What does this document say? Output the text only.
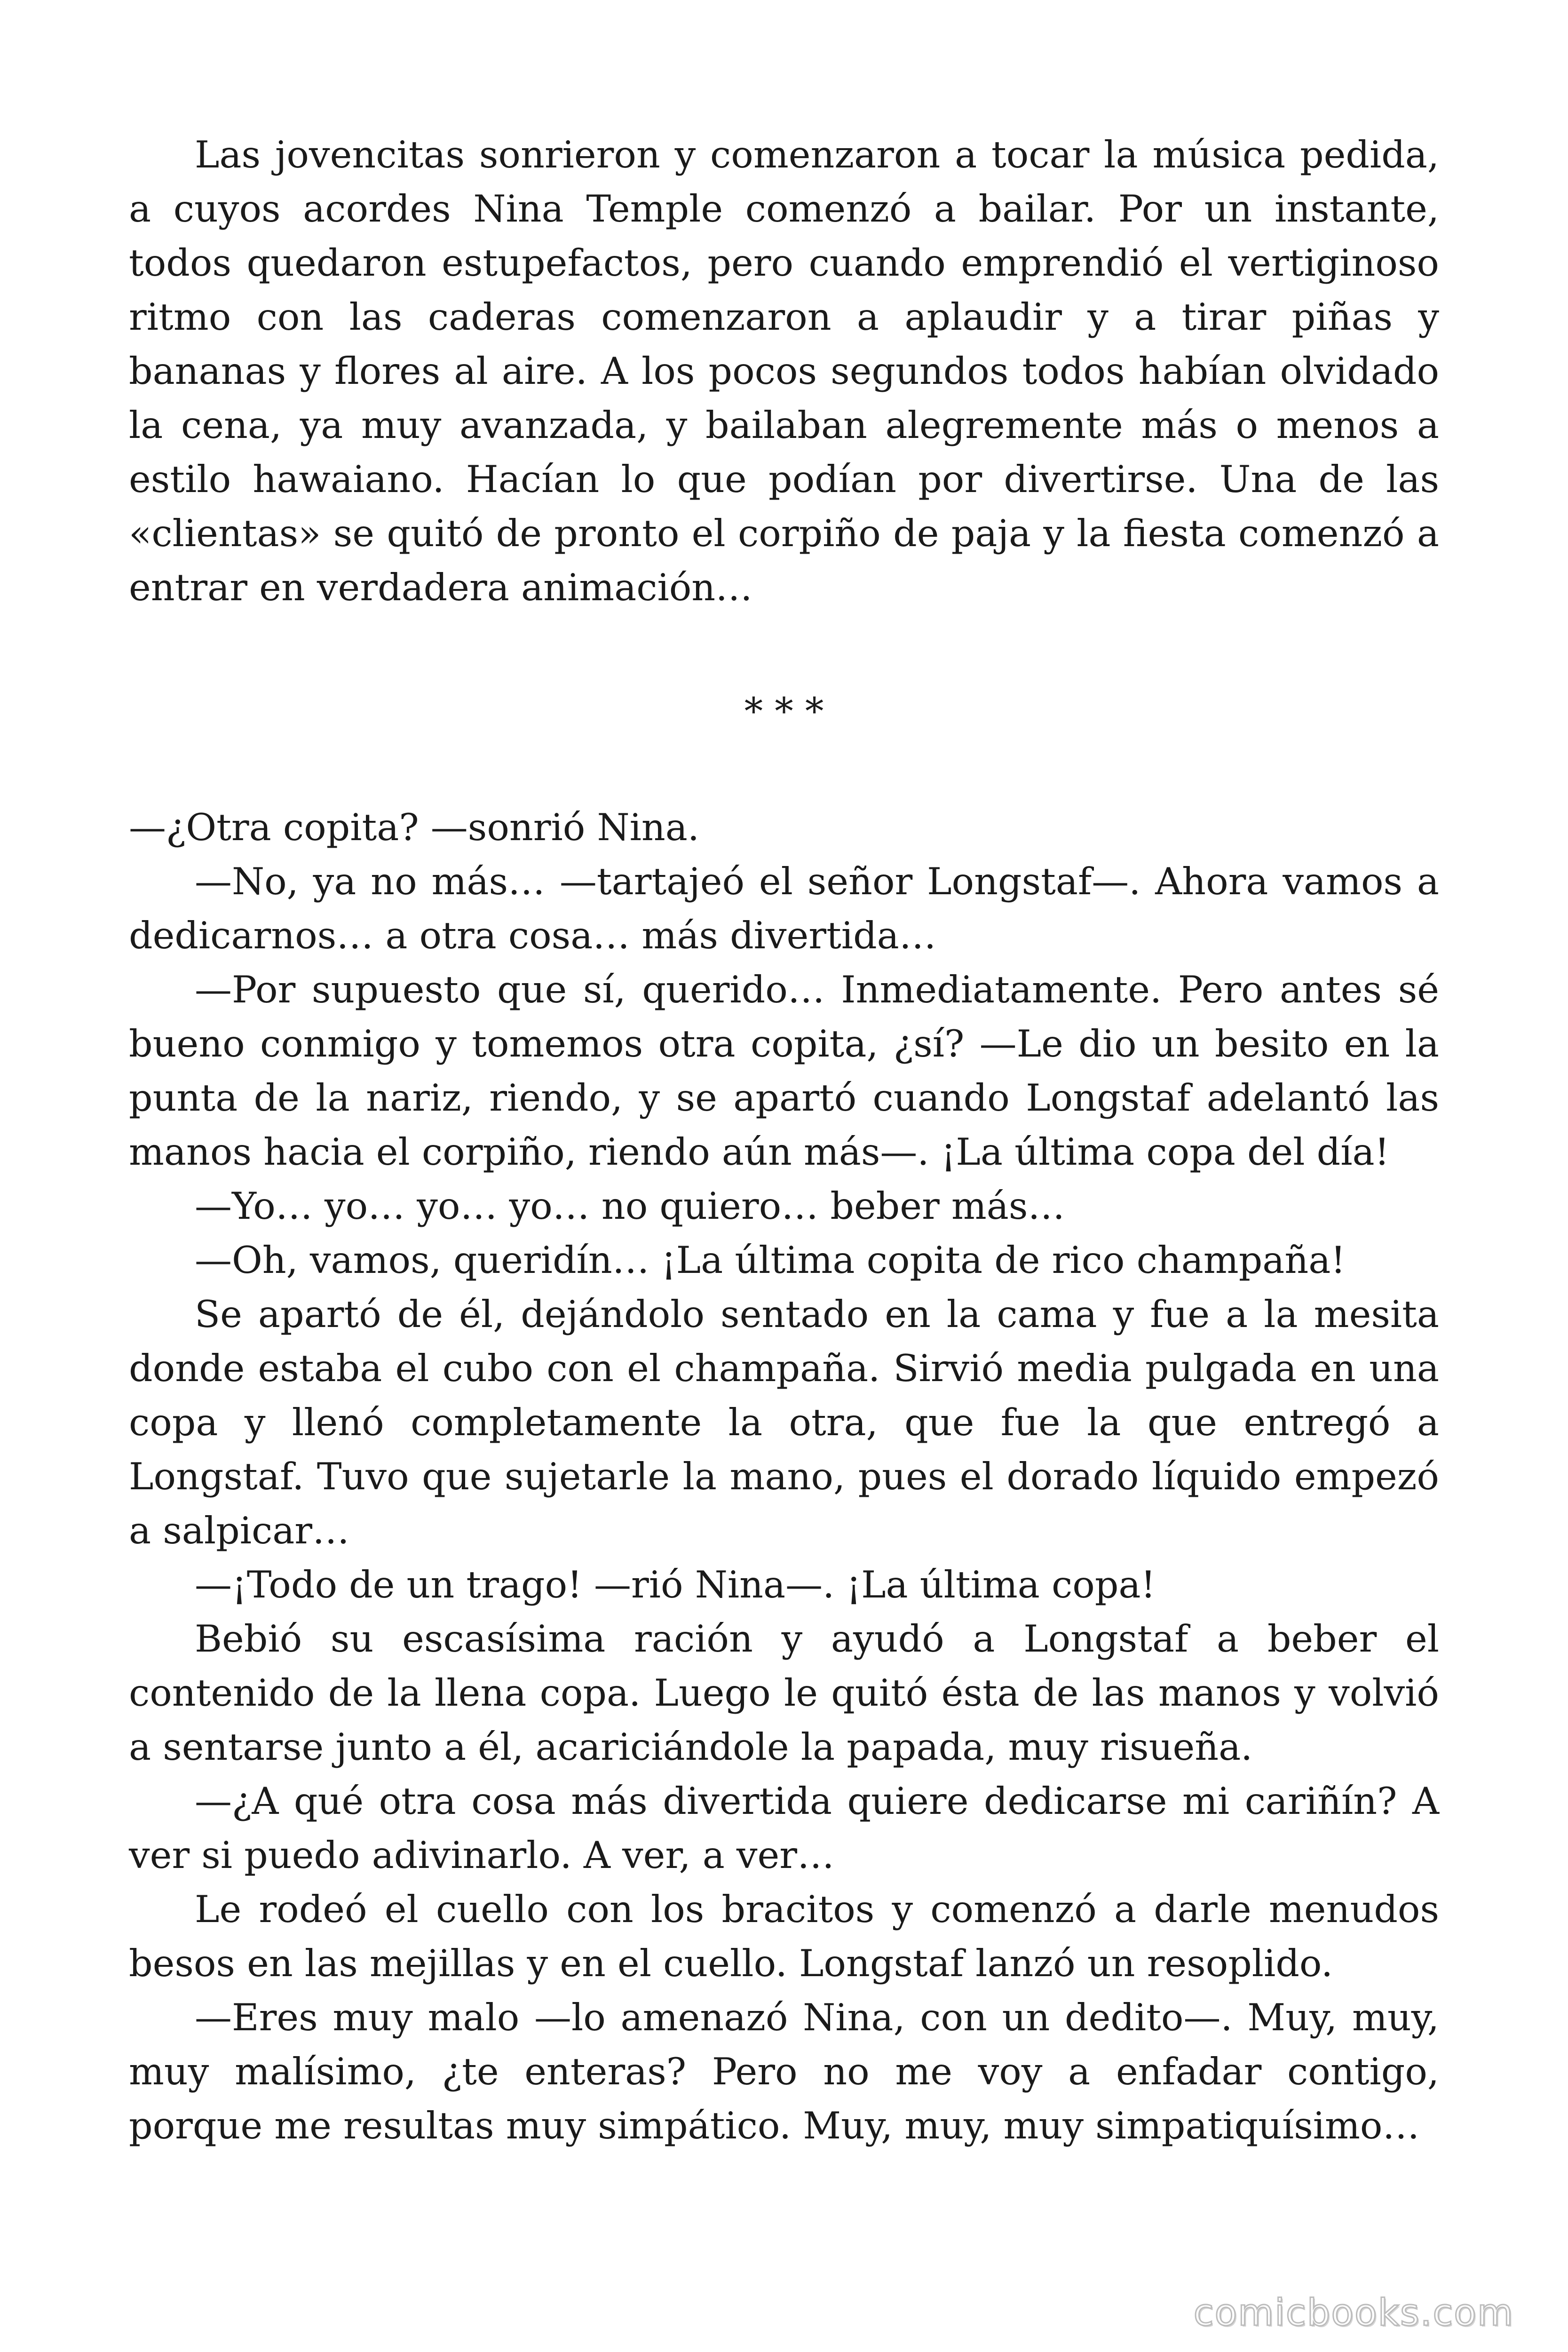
Las jovencitas sonrieron y comenzaron a tocar la música pedida, a cuyos acordes Nina Temple comenzó a bailar. Por un instante, todos quedaron estupefactos, pero cuando emprendió el vertiginoso ritmo con las caderas comenzaron a aplaudir y a tirar piñas y bananas y flores al aire. A los pocos segundos todos habían olvidado la cena, ya muy avanzada, y bailaban alegremente más o menos a estilo hawaiano. Hacían lo que podían por divertirse. Una de las «clientas» se quitó de pronto el corpiño de paja y la fiesta comenzó a entrar en verdadera animación…

* * *

—¿Otra copita? —sonrió Nina.

—No, ya no más… —tartajeó el señor Longstaf—. Ahora vamos a dedicarnos… a otra cosa… más divertida…

—Por supuesto que sí, querido… Inmediatamente. Pero antes sé bueno conmigo y tomemos otra copita, ¿sí? —Le dio un besito en la punta de la nariz, riendo, y se apartó cuando Longstaf adelantó las manos hacia el corpiño, riendo aún más—. ¡La última copa del día!

—Yo… yo… yo… yo… no quiero… beber más…

—Oh, vamos, queridín… ¡La última copita de rico champaña!

Se apartó de él, dejándolo sentado en la cama y fue a la mesita donde estaba el cubo con el champaña. Sirvió media pulgada en una copa y llenó completamente la otra, que fue la que entregó a Longstaf. Tuvo que sujetarle la mano, pues el dorado líquido empezó a salpicar…

—¡Todo de un trago! —rió Nina—. ¡La última copa!

Bebió su escasísima ración y ayudó a Longstaf a beber el contenido de la llena copa. Luego le quitó ésta de las manos y volvió a sentarse junto a él, acariciándole la papada, muy risueña.

—¿A qué otra cosa más divertida quiere dedicarse mi cariñín? A ver si puedo adivinarlo. A ver, a ver…

Le rodeó el cuello con los bracitos y comenzó a darle menudos besos en las mejillas y en el cuello. Longstaf lanzó un resoplido.

—Eres muy malo —lo amenazó Nina, con un dedito—. Muy, muy, muy malísimo, ¿te enteras? Pero no me voy a enfadar contigo, porque me resultas muy simpático. Muy, muy, muy simpatiquísimo…

comicbooks.com
